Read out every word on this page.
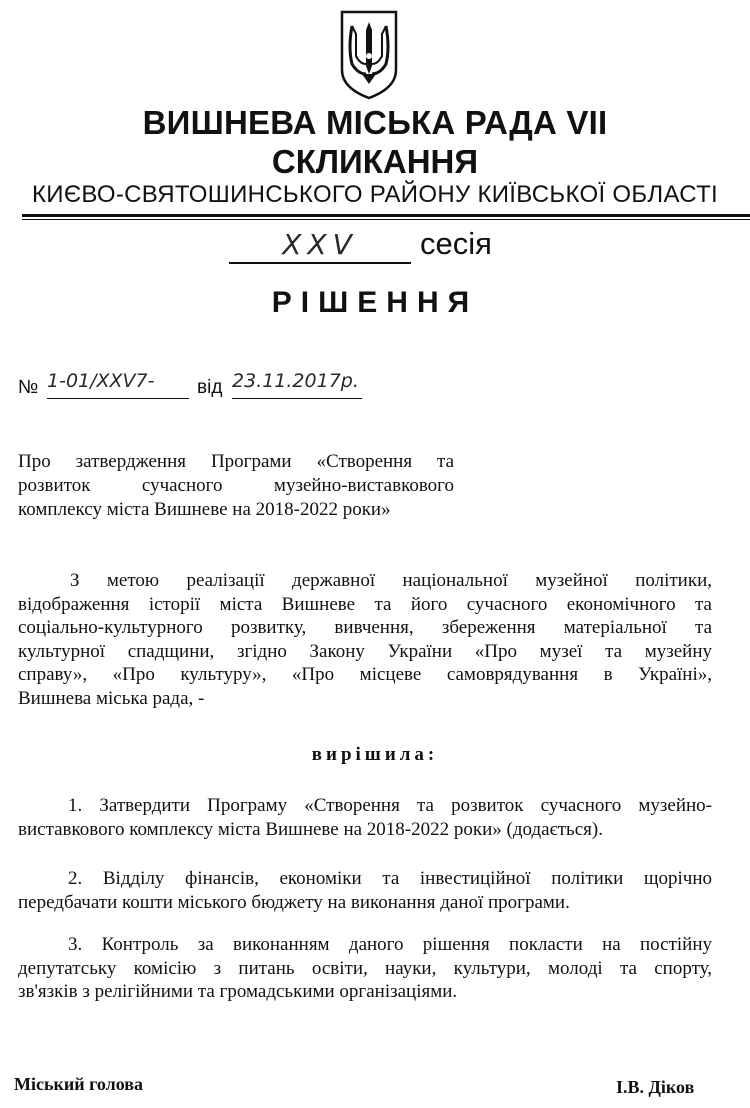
ВИШНЕВА МІСЬКА РАДА VII
СКЛИКАННЯ
КИЄВО-СВЯТОШИНСЬКОГО РАЙОНУ КИЇВСЬКОЇ ОБЛАСТІ
XXV	сесія
РІШЕННЯ
№ 1-01/XXV7- від 23.11.2017р.
Про затвердження Програми «Створення та
розвиток сучасного музейно-виставкового
комплексу міста Вишневе на 2018-2022 роки»
З метою реалізації державної національної музейної політики,
відображення історії міста Вишневе та його сучасного економічного та
соціально-культурного розвитку, вивчення, збереження матеріальної та
культурної спадщини, згідно Закону України «Про музеї та музейну
справу», «Про культуру», «Про місцеве самоврядування в Україні»,
Вишнева міська рада, -
вирішила:
1. Затвердити Програму «Створення та розвиток сучасного музейно-
виставкового комплексу міста Вишневе на 2018-2022 роки» (додається).
2. Відділу фінансів, економіки та інвестиційної політики щорічно
передбачати кошти міського бюджету на виконання даної програми.
3. Контроль за виконанням даного рішення покласти на постійну
депутатську комісію з питань освіти, науки, культури, молоді та спорту,
зв'язків з релігійними та громадськими організаціями.
Міський голова	І.В. Діков
